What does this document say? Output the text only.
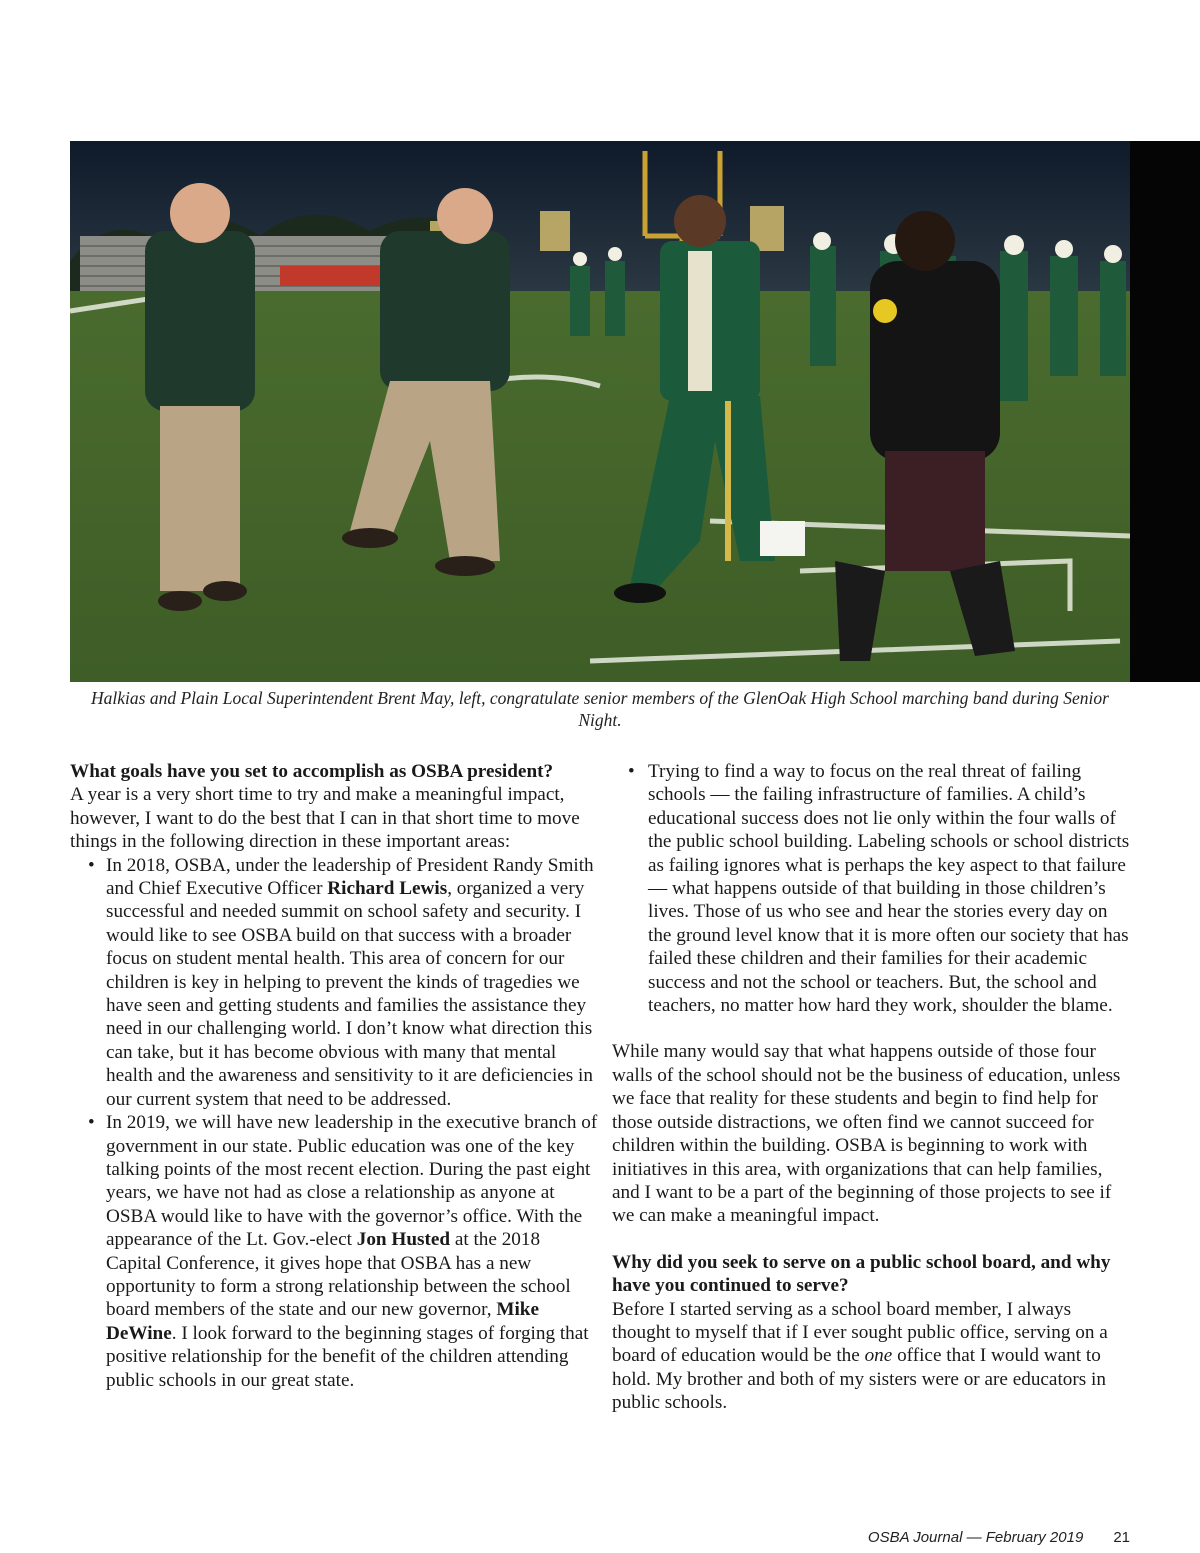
Halkias and Plain Local Superintendent Brent May, left, congratulate senior members of the GlenOak High School marching band during Senior Night.

What goals have you set to accomplish as OSBA president?

A year is a very short time to try and make a meaningful impact, however, I want to do the best that I can in that short time to move things in the following direction in these important areas:

• In 2018, OSBA, under the leadership of President Randy Smith and Chief Executive Officer Richard Lewis, organized a very successful and needed summit on school safety and security. I would like to see OSBA build on that success with a broader focus on student mental health. This area of concern for our children is key in helping to prevent the kinds of tragedies we have seen and getting students and families the assistance they need in our challenging world. I don’t know what direction this can take, but it has become obvious with many that mental health and the awareness and sensitivity to it are deficiencies in our current system that need to be addressed.
• In 2019, we will have new leadership in the executive branch of government in our state. Public education was one of the key talking points of the most recent election. During the past eight years, we have not had as close a relationship as anyone at OSBA would like to have with the governor’s office. With the appearance of the Lt. Gov.-elect Jon Husted at the 2018 Capital Conference, it gives hope that OSBA has a new opportunity to form a strong relationship between the school board members of the state and our new governor, Mike DeWine. I look forward to the beginning stages of forging that positive relationship for the benefit of the children attending public schools in our great state.
• Trying to find a way to focus on the real threat of failing schools — the failing infrastructure of families. A child’s educational success does not lie only within the four walls of the public school building. Labeling schools or school districts as failing ignores what is perhaps the key aspect to that failure — what happens outside of that building in those children’s lives. Those of us who see and hear the stories every day on the ground level know that it is more often our society that has failed these children and their families for their academic success and not the school or teachers. But, the school and teachers, no matter how hard they work, shoulder the blame.

While many would say that what happens outside of those four walls of the school should not be the business of education, unless we face that reality for these students and begin to find help for those outside distractions, we often find we cannot succeed for children within the building. OSBA is beginning to work with initiatives in this area, with organizations that can help families, and I want to be a part of the beginning of those projects to see if we can make a meaningful impact.

Why did you seek to serve on a public school board, and why have you continued to serve?

Before I started serving as a school board member, I always thought to myself that if I ever sought public office, serving on a board of education would be the one office that I would want to hold. My brother and both of my sisters were or are educators in public schools.

OSBA Journal — February 2019 21
